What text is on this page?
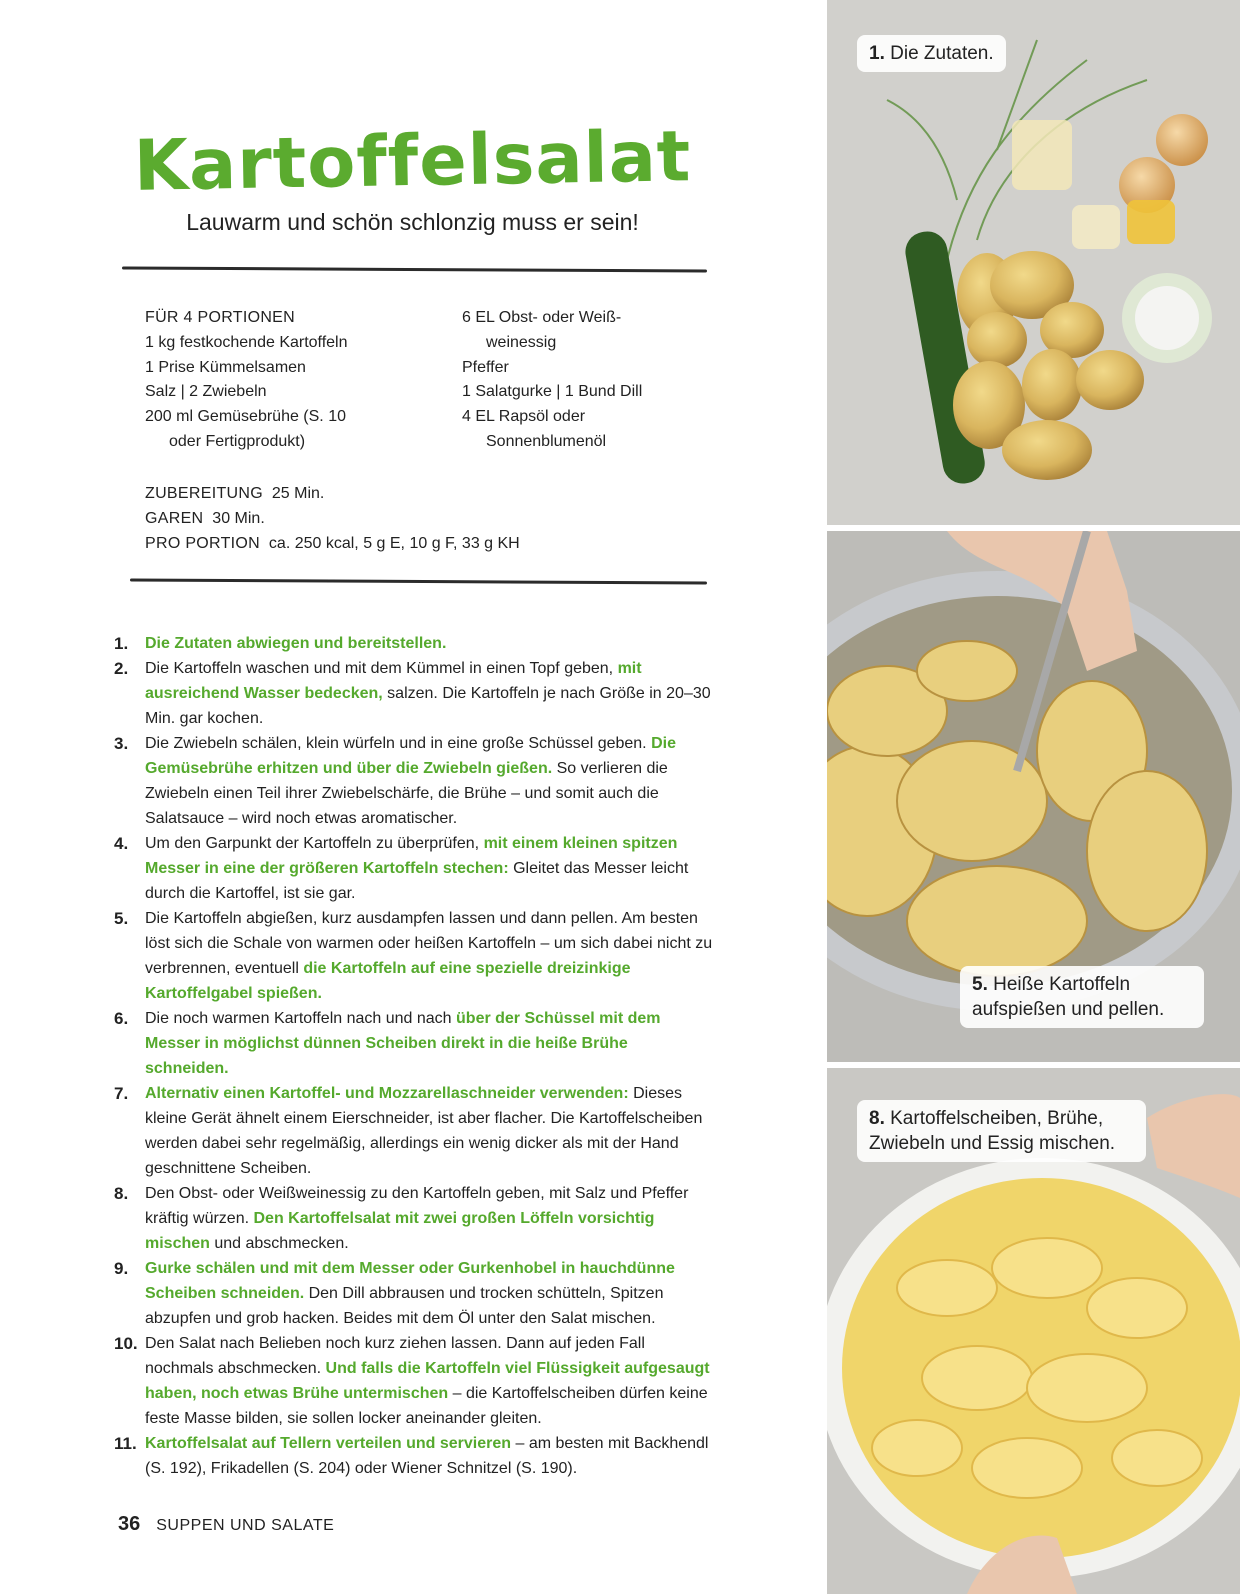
Kartoffelsalat
Lauwarm und schön schlonzig muss er sein!
FÜR 4 PORTIONEN
1 kg festkochende Kartoffeln
1 Prise Kümmelsamen
Salz | 2 Zwiebeln
200 ml Gemüsebrühe (S. 10
oder Fertigprodukt)
6 EL Obst- oder Weiß-
weinessig
Pfeffer
1 Salatgurke | 1 Bund Dill
4 EL Rapsöl oder
Sonnenblumenöl
ZUBEREITUNG 25 Min.
GAREN 30 Min.
PRO PORTION ca. 250 kcal, 5 g E, 10 g F, 33 g KH
1.	Die Zutaten abwiegen und bereitstellen.
2.	Die Kartoffeln waschen und mit dem Kümmel in einen Topf geben, mit ausreichend Wasser bedecken, salzen. Die Kartoffeln je nach Größe in 20–30 Min. gar kochen.
3.	Die Zwiebeln schälen, klein würfeln und in eine große Schüssel geben. Die Gemüsebrühe erhitzen und über die Zwiebeln gießen. So verlieren die Zwiebeln einen Teil ihrer Zwiebelschärfe, die Brühe – und somit auch die Salatsauce – wird noch etwas aromatischer.
4.	Um den Garpunkt der Kartoffeln zu überprüfen, mit einem kleinen spitzen Messer in eine der größeren Kartoffeln stechen: Gleitet das Messer leicht durch die Kartoffel, ist sie gar.
5.	Die Kartoffeln abgießen, kurz ausdampfen lassen und dann pellen. Am besten löst sich die Schale von warmen oder heißen Kartoffeln – um sich dabei nicht zu verbrennen, eventuell die Kartoffeln auf eine spezielle dreizinkige Kartoffelgabel spießen.
6.	Die noch warmen Kartoffeln nach und nach über der Schüssel mit dem Messer in möglichst dünnen Scheiben direkt in die heiße Brühe schneiden.
7.	Alternativ einen Kartoffel- und Mozzarellaschneider verwenden: Dieses kleine Gerät ähnelt einem Eierschneider, ist aber flacher. Die Kartoffelscheiben werden dabei sehr regelmäßig, allerdings ein wenig dicker als mit der Hand geschnittene Scheiben.
8.	Den Obst- oder Weißweinessig zu den Kartoffeln geben, mit Salz und Pfeffer kräftig würzen. Den Kartoffelsalat mit zwei großen Löffeln vorsichtig mischen und abschmecken.
9.	Gurke schälen und mit dem Messer oder Gurkenhobel in hauchdünne Scheiben schneiden. Den Dill abbrausen und trocken schütteln, Spitzen abzupfen und grob hacken. Beides mit dem Öl unter den Salat mischen.
10. Den Salat nach Belieben noch kurz ziehen lassen. Dann auf jeden Fall nochmals abschmecken. Und falls die Kartoffeln viel Flüssigkeit aufgesaugt haben, noch etwas Brühe untermischen – die Kartoffelscheiben dürfen keine feste Masse bilden, sie sollen locker aneinander gleiten.
11. Kartoffelsalat auf Tellern verteilen und servieren – am besten mit Backhendl (S. 192), Frikadellen (S. 204) oder Wiener Schnitzel (S. 190).
36 SUPPEN UND SALATE
1. Die Zutaten.
5. Heiße Kartoffeln aufspießen und pellen.
8. Kartoffelscheiben, Brühe, Zwiebeln und Essig mischen.
